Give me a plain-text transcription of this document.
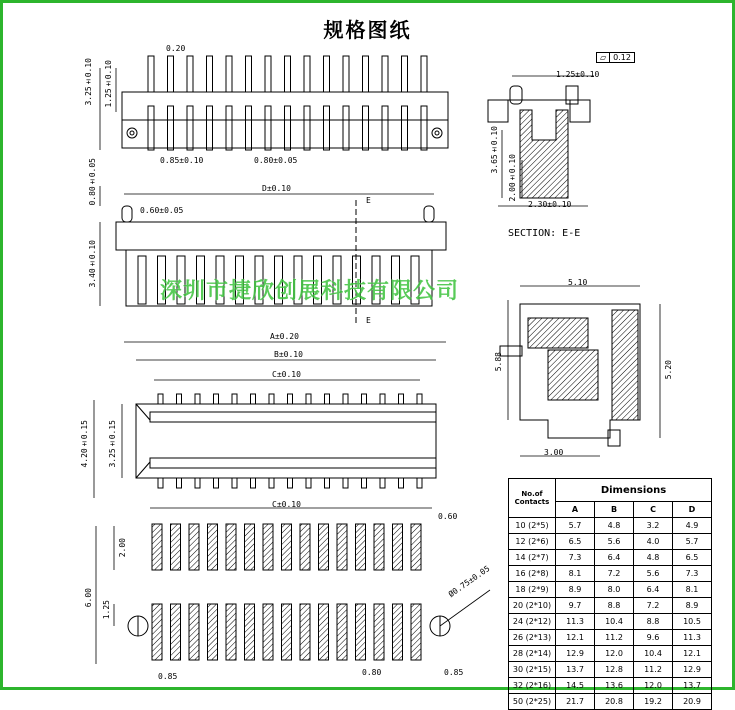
规格图纸
深圳市捷欣创展科技有限公司
0.20
3.25±0.10 1.25±0.10
0.85±0.10	0.80±0.05
D±0.10
0.60±0.05
0.80±0.05
3.40±0.10
E
E
1.25±0.10
3.65±0.10
2.00±0.10
2.30±0.10
▱ 0.12
SECTION: E-E
A±0.20
B±0.10
C±0.10
4.20±0.15 3.25±0.15
5.10
5.88	5.20
3.00
C±0.10
0.60
2.00
6.00
1.25
Ø0.75±0.05
0.85	0.80	0.85
No.of Contacts	Dimensions			
	A	B	C	D
10 (2*5)	5.7	4.8	3.2	4.9
12 (2*6)	6.5	5.6	4.0	5.7
14 (2*7)	7.3	6.4	4.8	6.5
16 (2*8)	8.1	7.2	5.6	7.3
18 (2*9)	8.9	8.0	6.4	8.1
20 (2*10)	9.7	8.8	7.2	8.9
24 (2*12)	11.3	10.4	8.8	10.5
26 (2*13)	12.1	11.2	9.6	11.3
28 (2*14)	12.9	12.0	10.4	12.1
30 (2*15)	13.7	12.8	11.2	12.9
32 (2*16)	14.5	13.6	12.0	13.7
50 (2*25)	21.7	20.8	19.2	20.9
